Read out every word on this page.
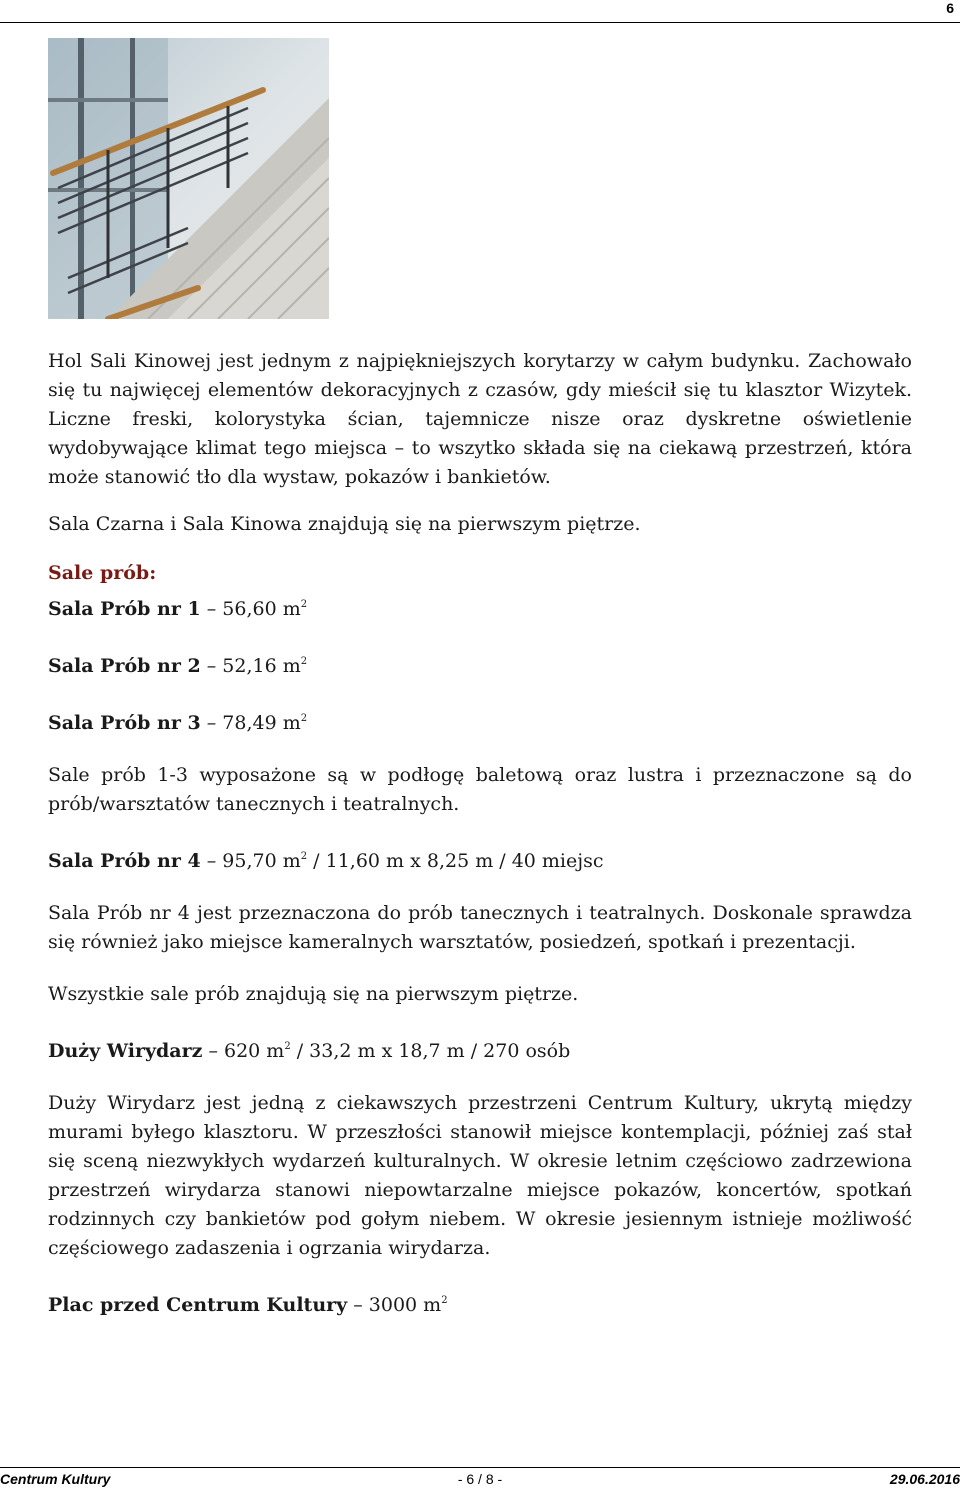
6

Hol Sali Kinowej jest jednym z najpiękniejszych korytarzy w całym budynku. Zachowało się tu najwięcej elementów dekoracyjnych z czasów, gdy mieścił się tu klasztor Wizytek. Liczne freski, kolorystyka ścian, tajemnicze nisze oraz dyskretne oświetlenie wydobywające klimat tego miejsca – to wszytko składa się na ciekawą przestrzeń, która może stanowić tło dla wystaw, pokazów i bankietów.

Sala Czarna i Sala Kinowa znajdują się na pierwszym piętrze.

Sale prób:

Sala Prób nr 1 – 56,60 $m^2$

Sala Prób nr 2 – 52,16 $m^2$

Sala Prób nr 3 – 78,49 $m^2$

Sale prób 1-3 wyposażone są w podłogę baletową oraz lustra i przeznaczone są do prób/warsztatów tanecznych i teatralnych.

Sala Prób nr 4 – 95,70 $m^2 / 11,60$ m x 8,25 m / 40 miejsc

Sala Prób nr 4 jest przeznaczona do prób tanecznych i teatralnych. Doskonale sprawdza się również jako miejsce kameralnych warsztatów, posiedzeń, spotkań i prezentacji.

Wszystkie sale prób znajdują się na pierwszym piętrze.

Duży Wirydarz – 620 $m^2 / 33,2$ m x 18,7 m / 270 osób

Duży Wirydarz jest jedną z ciekawszych przestrzeni Centrum Kultury, ukrytą między murami byłego klasztoru. W przeszłości stanowił miejsce kontemplacji, później zaś stał się sceną niezwykłych wydarzeń kulturalnych. W okresie letnim częściowo zadrzewiona przestrzeń wirydarza stanowi niepowtarzalne miejsce pokazów, koncertów, spotkań rodzinnych czy bankietów pod gołym niebem. W okresie jesiennym istnieje możliwość częściowego zadaszenia i ogrzania wirydarza.

Plac przed Centrum Kultury – 3000 $m^2$

Centrum Kultury	- 6 / 8 -	29.06.2016
